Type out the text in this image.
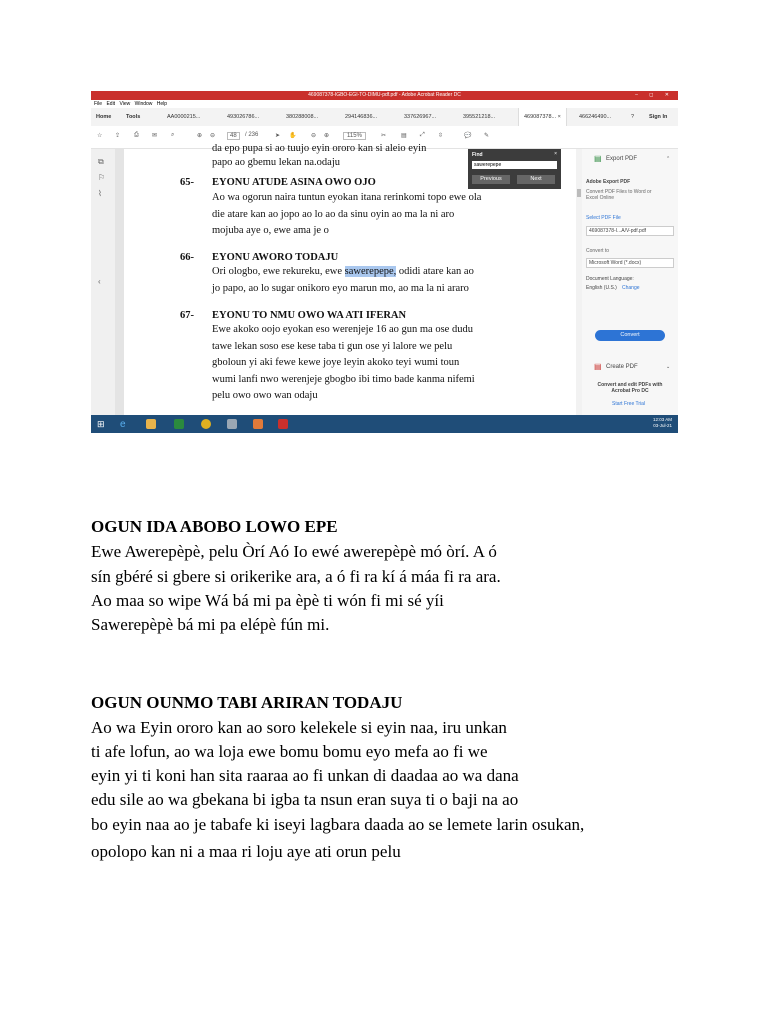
469087378-IGBO-EGI-TO-DIMU-pdf.pdf - Adobe Acrobat Reader DC	– ◻ ✕
File Edit View Window Help
Home	Tools	AA0000215...	493026786...	380288008...	294146836...	337626967...	395521218...	469087378... ×	466246490...	?	Sign In
☆ ⇪ ⎙ ✉ ⌕	⊕ ⊖	48	/ 236	➤ ✋ ⊖ ⊕	115%	✂ ▤ ⤢ ⇳	💬 ✎
⧉
⚐
⌇
‹
da epo pupa si ao tuujo eyin ororo kan si aleio eyin
papo ao gbemu lekan na.odaju
65- EYONU ATUDE ASINA OWO OJO
Ao wa ogorun naira tuntun eyokan itana rerinkomi topo ewe ola
die atare kan ao jopo ao lo ao da sinu oyin ao ma la ni aro
mojuba aye o, ewe ama je o
66- EYONU AWORO TODAJU
Ori ologbo, ewe rekureku, ewe sawerepepe, odidi atare kan ao
jo papo, ao lo sugar onikoro eyo marun mo, ao ma la ni araro
67- EYONU TO NMU OWO WA ATI IFERAN
Ewe akoko oojo eyokan eso werenjeje 16 ao gun ma ose dudu
tawe lekan soso ese kese taba ti gun ose yi lalore we pelu
gboloun yi aki fewe kewe joye leyin akoko teyi wumi toun
wumi lanfi nwo werenjeje gbogbo ibi timo bade kanma nifemi
pelu owo owo wan odaju
Find	×
sawerepepe
Previous	Next
▤ Export PDF	⌃
Adobe Export PDF
Convert PDF Files to Word or Excel Online
Select PDF File
469087378-I...A/V-pdf.pdf
Convert to
Microsoft Word (*.docx)
Document Language:
English (U.S.) Change
Convert
▤ Create PDF	⌄
Convert and edit PDFs with Acrobat Pro DC
Start Free Trial
⊞ e	12:03 AM
03-Jul-21
OGUN IDA ABOBO LOWO EPE
Ewe Awerepèpè, pelu Òrí Aó Io ewé awerepèpè mó òrí. A ó
sín gbéré si gbere si orikerike ara, a ó fi ra kí á máa fi ra ara.
Ao maa so wipe Wá bá mi pa èpè ti wón fi mi sé yíi
Sawerepèpè bá mi pa elépè fún mi.
OGUN OUNMO TABI ARIRAN TODAJU
Ao wa Eyin ororo kan ao soro kelekele si eyin naa, iru unkan
ti afe lofun, ao wa loja ewe bomu bomu eyo mefa ao fi we
eyin yi ti koni han sita raaraa ao fi unkan di daadaa ao wa dana
edu sile ao wa gbekana bi igba ta nsun eran suya ti o baji na ao
bo eyin naa ao je tabafe ki iseyi lagbara daada ao se lemete larin osukan,
opolopo kan ni a maa ri loju aye ati orun pelu
